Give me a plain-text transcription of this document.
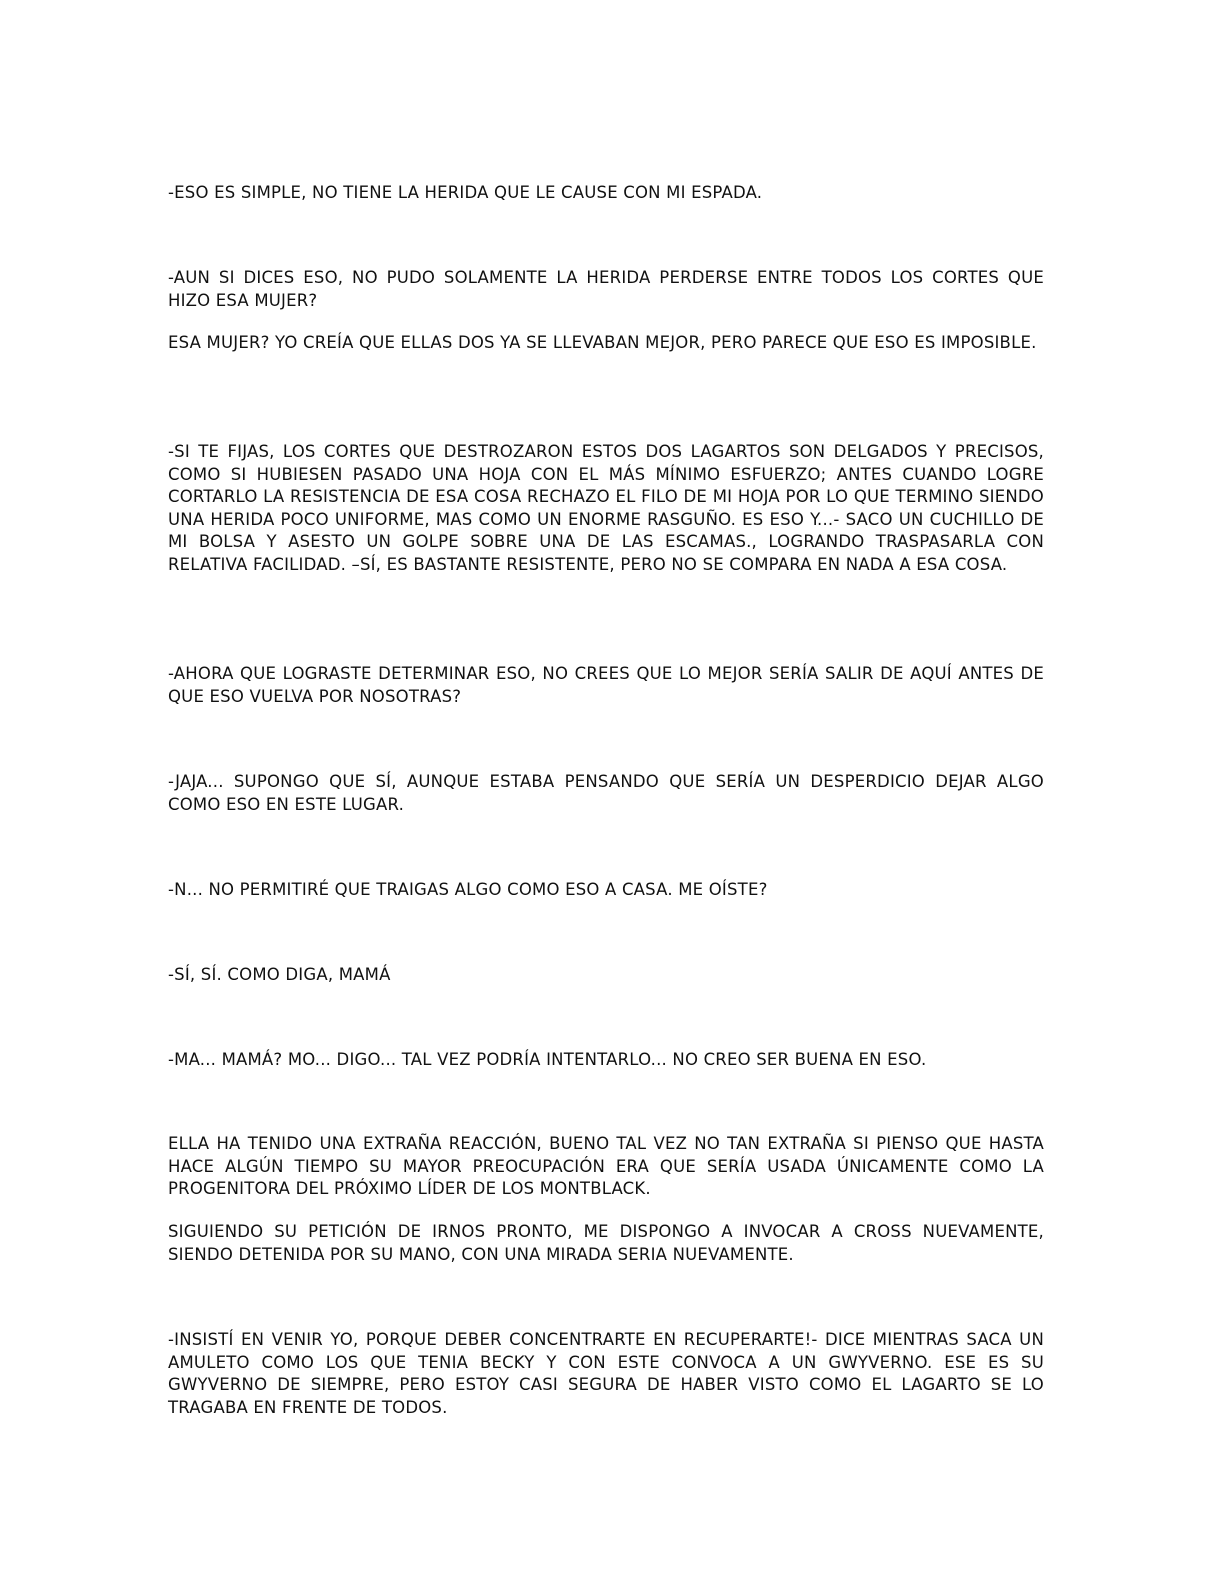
-ESO ES SIMPLE, NO TIENE LA HERIDA QUE LE CAUSE CON MI ESPADA.

-AUN SI DICES ESO, NO PUDO SOLAMENTE LA HERIDA PERDERSE ENTRE TODOS LOS CORTES QUE HIZO ESA MUJER?

ESA MUJER? YO CREÍA QUE ELLAS DOS YA SE LLEVABAN MEJOR, PERO PARECE QUE ESO ES IMPOSIBLE.

-SI TE FIJAS, LOS CORTES QUE DESTROZARON ESTOS DOS LAGARTOS SON DELGADOS Y PRECISOS, COMO SI HUBIESEN PASADO UNA HOJA CON EL MÁS MÍNIMO ESFUERZO; ANTES CUANDO LOGRE CORTARLO LA RESISTENCIA DE ESA COSA RECHAZO EL FILO DE MI HOJA POR LO QUE TERMINO SIENDO UNA HERIDA POCO UNIFORME, MAS COMO UN ENORME RASGUÑO. ES ESO Y...- SACO UN CUCHILLO DE MI BOLSA Y ASESTO UN GOLPE SOBRE UNA DE LAS ESCAMAS., LOGRANDO TRASPASARLA CON RELATIVA FACILIDAD. –SÍ, ES BASTANTE RESISTENTE, PERO NO SE COMPARA EN NADA A ESA COSA.

-AHORA QUE LOGRASTE DETERMINAR ESO, NO CREES QUE LO MEJOR SERÍA SALIR DE AQUÍ ANTES DE QUE ESO VUELVA POR NOSOTRAS?

-JAJA... SUPONGO QUE SÍ, AUNQUE ESTABA PENSANDO QUE SERÍA UN DESPERDICIO DEJAR ALGO COMO ESO EN ESTE LUGAR.

-N... NO PERMITIRÉ QUE TRAIGAS ALGO COMO ESO A CASA. ME OÍSTE?

-SÍ, SÍ. COMO DIGA, MAMÁ

-MA... MAMÁ? MO... DIGO... TAL VEZ PODRÍA INTENTARLO... NO CREO SER BUENA EN ESO.

ELLA HA TENIDO UNA EXTRAÑA REACCIÓN, BUENO TAL VEZ NO TAN EXTRAÑA SI PIENSO QUE HASTA HACE ALGÚN TIEMPO SU MAYOR PREOCUPACIÓN ERA QUE SERÍA USADA ÚNICAMENTE COMO LA PROGENITORA DEL PRÓXIMO LÍDER DE LOS MONTBLACK.

SIGUIENDO SU PETICIÓN DE IRNOS PRONTO, ME DISPONGO A INVOCAR A CROSS NUEVAMENTE, SIENDO DETENIDA POR SU MANO, CON UNA MIRADA SERIA NUEVAMENTE.

-INSISTÍ EN VENIR YO, PORQUE DEBER CONCENTRARTE EN RECUPERARTE!- DICE MIENTRAS SACA UN AMULETO COMO LOS QUE TENIA BECKY Y CON ESTE CONVOCA A UN GWYVERNO. ESE ES SU GWYVERNO DE SIEMPRE, PERO ESTOY CASI SEGURA DE HABER VISTO COMO EL LAGARTO SE LO TRAGABA EN FRENTE DE TODOS.
